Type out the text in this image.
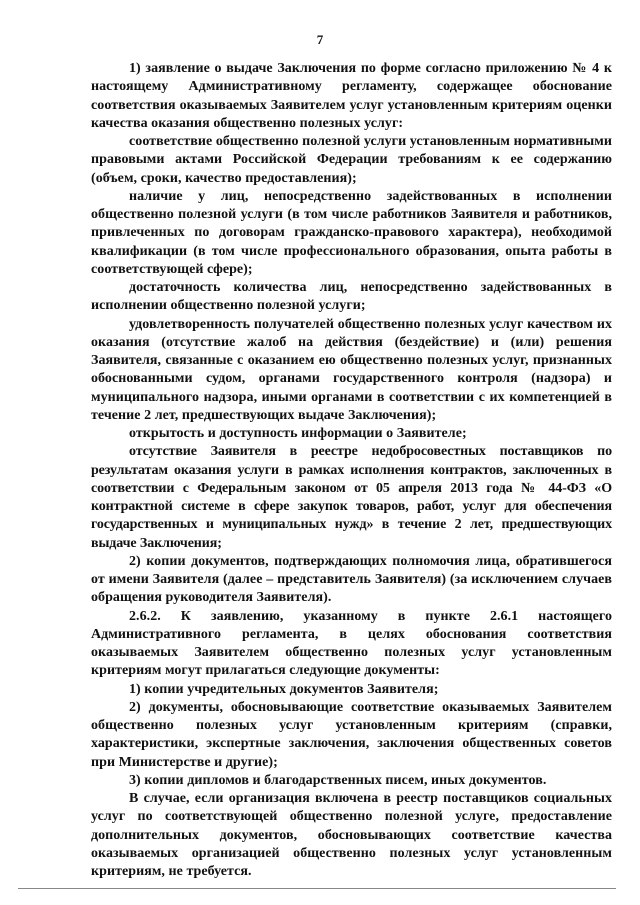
7

1) заявление о выдаче Заключения по форме согласно приложению № 4 к настоящему Административному регламенту, содержащее обоснование соответствия оказываемых Заявителем услуг установленным критериям оценки качества оказания общественно полезных услуг:

соответствие общественно полезной услуги установленным нормативными правовыми актами Российской Федерации требованиям к ее содержанию (объем, сроки, качество предоставления);

наличие у лиц, непосредственно задействованных в исполнении общественно полезной услуги (в том числе работников Заявителя и работников, привлеченных по договорам гражданско-правового характера), необходимой квалификации (в том числе профессионального образования, опыта работы в соответствующей сфере);

достаточность количества лиц, непосредственно задействованных в исполнении общественно полезной услуги;

удовлетворенность получателей общественно полезных услуг качеством их оказания (отсутствие жалоб на действия (бездействие) и (или) решения Заявителя, связанные с оказанием ею общественно полезных услуг, признанных обоснованными судом, органами государственного контроля (надзора) и муниципального надзора, иными органами в соответствии с их компетенцией в течение 2 лет, предшествующих выдаче Заключения);

открытость и доступность информации о Заявителе;

отсутствие Заявителя в реестре недобросовестных поставщиков по результатам оказания услуги в рамках исполнения контрактов, заключенных в соответствии с Федеральным законом от 05 апреля 2013 года № 44-ФЗ «О контрактной системе в сфере закупок товаров, работ, услуг для обеспечения государственных и муниципальных нужд» в течение 2 лет, предшествующих выдаче Заключения;

2) копии документов, подтверждающих полномочия лица, обратившегося от имени Заявителя (далее – представитель Заявителя) (за исключением случаев обращения руководителя Заявителя).

2.6.2. К заявлению, указанному в пункте 2.6.1 настоящего Административного регламента, в целях обоснования соответствия оказываемых Заявителем общественно полезных услуг установленным критериям могут прилагаться следующие документы:

1) копии учредительных документов Заявителя;

2) документы, обосновывающие соответствие оказываемых Заявителем общественно полезных услуг установленным критериям (справки, характеристики, экспертные заключения, заключения общественных советов при Министерстве и другие);

3) копии дипломов и благодарственных писем, иных документов.

В случае, если организация включена в реестр поставщиков социальных услуг по соответствующей общественно полезной услуге, предоставление дополнительных документов, обосновывающих соответствие качества оказываемых организацией общественно полезных услуг установленным критериям, не требуется.
